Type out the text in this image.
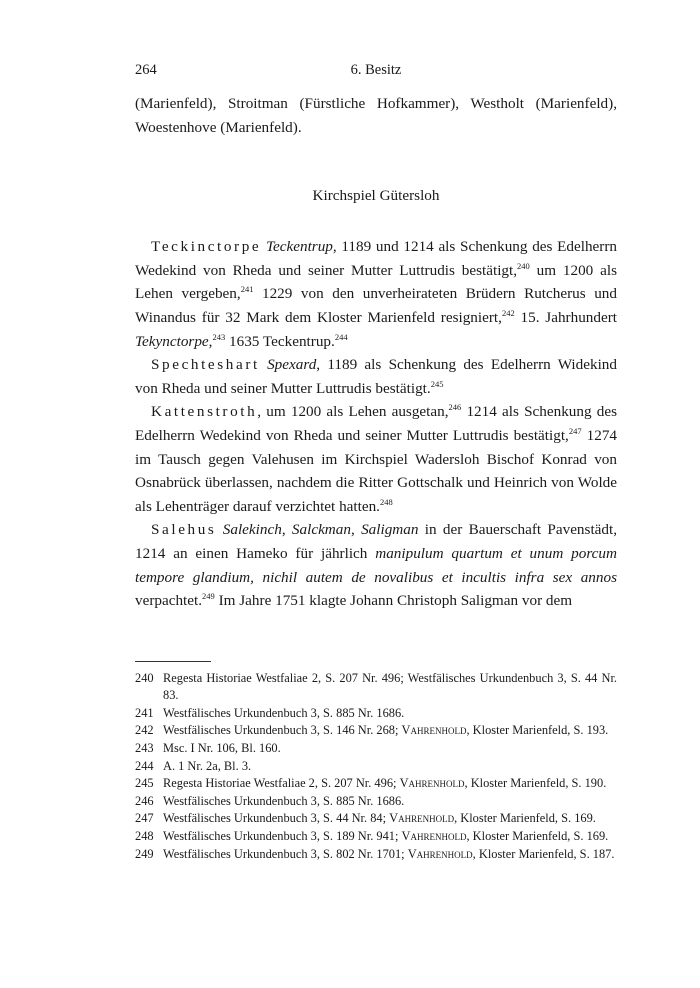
264	6. Besitz

(Marienfeld), Stroitman (Fürstliche Hofkammer), Westholt (Marienfeld), Woestenhove (Marienfeld).

Kirchspiel Gütersloh

Teckinctorpe Teckentrup, 1189 und 1214 als Schenkung des Edelherrn Wedekind von Rheda und seiner Mutter Luttrudis bestätigt,$^{240}$ um 1200 als Lehen vergeben,$^{241}$ 1229 von den unverheirateten Brüdern Rutcherus und Winandus für 32 Mark dem Kloster Marienfeld resigniert,$^{242}$ 15. Jahrhundert Tekynctorpe,$^{243}$ 1635 Teckentrup.$^{244}$

Spechteshart Spexard, 1189 als Schenkung des Edelherrn Widekind von Rheda und seiner Mutter Luttrudis bestätigt.$^{245}$

Kattenstroth, um 1200 als Lehen ausgetan,$^{246}$ 1214 als Schenkung des Edelherrn Wedekind von Rheda und seiner Mutter Luttrudis bestätigt,$^{247}$ 1274 im Tausch gegen Valehusen im Kirchspiel Wadersloh Bischof Konrad von Osnabrück überlassen, nachdem die Ritter Gottschalk und Heinrich von Wolde als Lehenträger darauf verzichtet hatten.$^{248}$

Salehus Salekinch, Salckman, Saligman in der Bauerschaft Pavenstädt, 1214 an einen Hameko für jährlich manipulum quartum et unum porcum tempore glandium, nichil autem de novalibus et incultis infra sex annos verpachtet.$^{249}$ Im Jahre 1751 klagte Johann Christoph Saligman vor dem

240 Regesta Historiae Westfaliae 2, S. 207 Nr. 496; Westfälisches Urkundenbuch 3, S. 44 Nr. 83.
241 Westfälisches Urkundenbuch 3, S. 885 Nr. 1686.
242 Westfälisches Urkundenbuch 3, S. 146 Nr. 268; Vahrenhold, Kloster Marienfeld, S. 193.
243 Msc. I Nr. 106, Bl. 160.
244 A. 1 Nr. 2a, Bl. 3.
245 Regesta Historiae Westfaliae 2, S. 207 Nr. 496; Vahrenhold, Kloster Marienfeld, S. 190.
246 Westfälisches Urkundenbuch 3, S. 885 Nr. 1686.
247 Westfälisches Urkundenbuch 3, S. 44 Nr. 84; Vahrenhold, Kloster Marienfeld, S. 169.
248 Westfälisches Urkundenbuch 3, S. 189 Nr. 941; Vahrenhold, Kloster Marienfeld, S. 169.
249 Westfälisches Urkundenbuch 3, S. 802 Nr. 1701; Vahrenhold, Kloster Marienfeld, S. 187.
